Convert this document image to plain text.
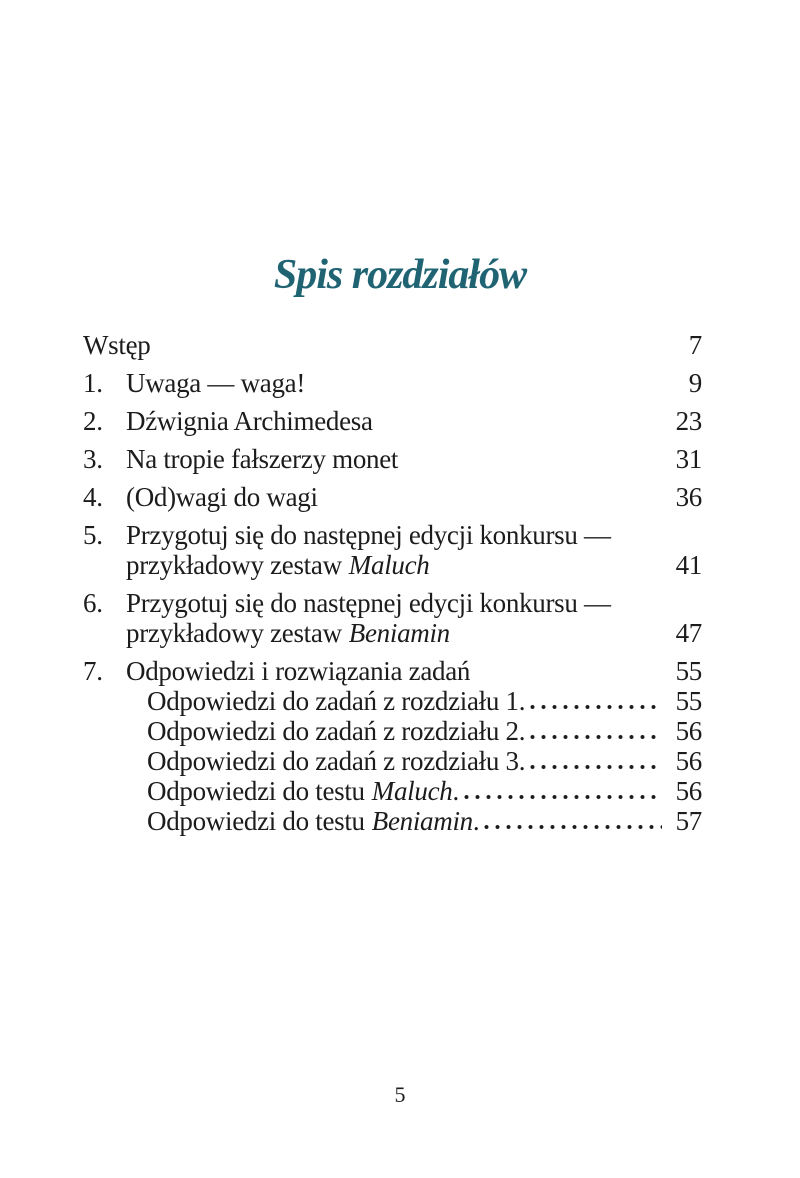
Spis rozdziałów
Wstęp	7
1. Uwaga — waga!	9
2. Dźwignia Archimedesa	23
3. Na tropie fałszerzy monet	31
4. (Od)wagi do wagi	36
5. Przygotuj się do następnej edycji konkursu —
przykładowy zestaw Maluch	41
6. Przygotuj się do następnej edycji konkursu —
przykładowy zestaw Beniamin	47
7. Odpowiedzi i rozwiązania zadań	55
Odpowiedzi do zadań z rozdziału 1.	55
Odpowiedzi do zadań z rozdziału 2.	56
Odpowiedzi do zadań z rozdziału 3.	56
Odpowiedzi do testu Maluch.	56
Odpowiedzi do testu Beniamin.	57
5
